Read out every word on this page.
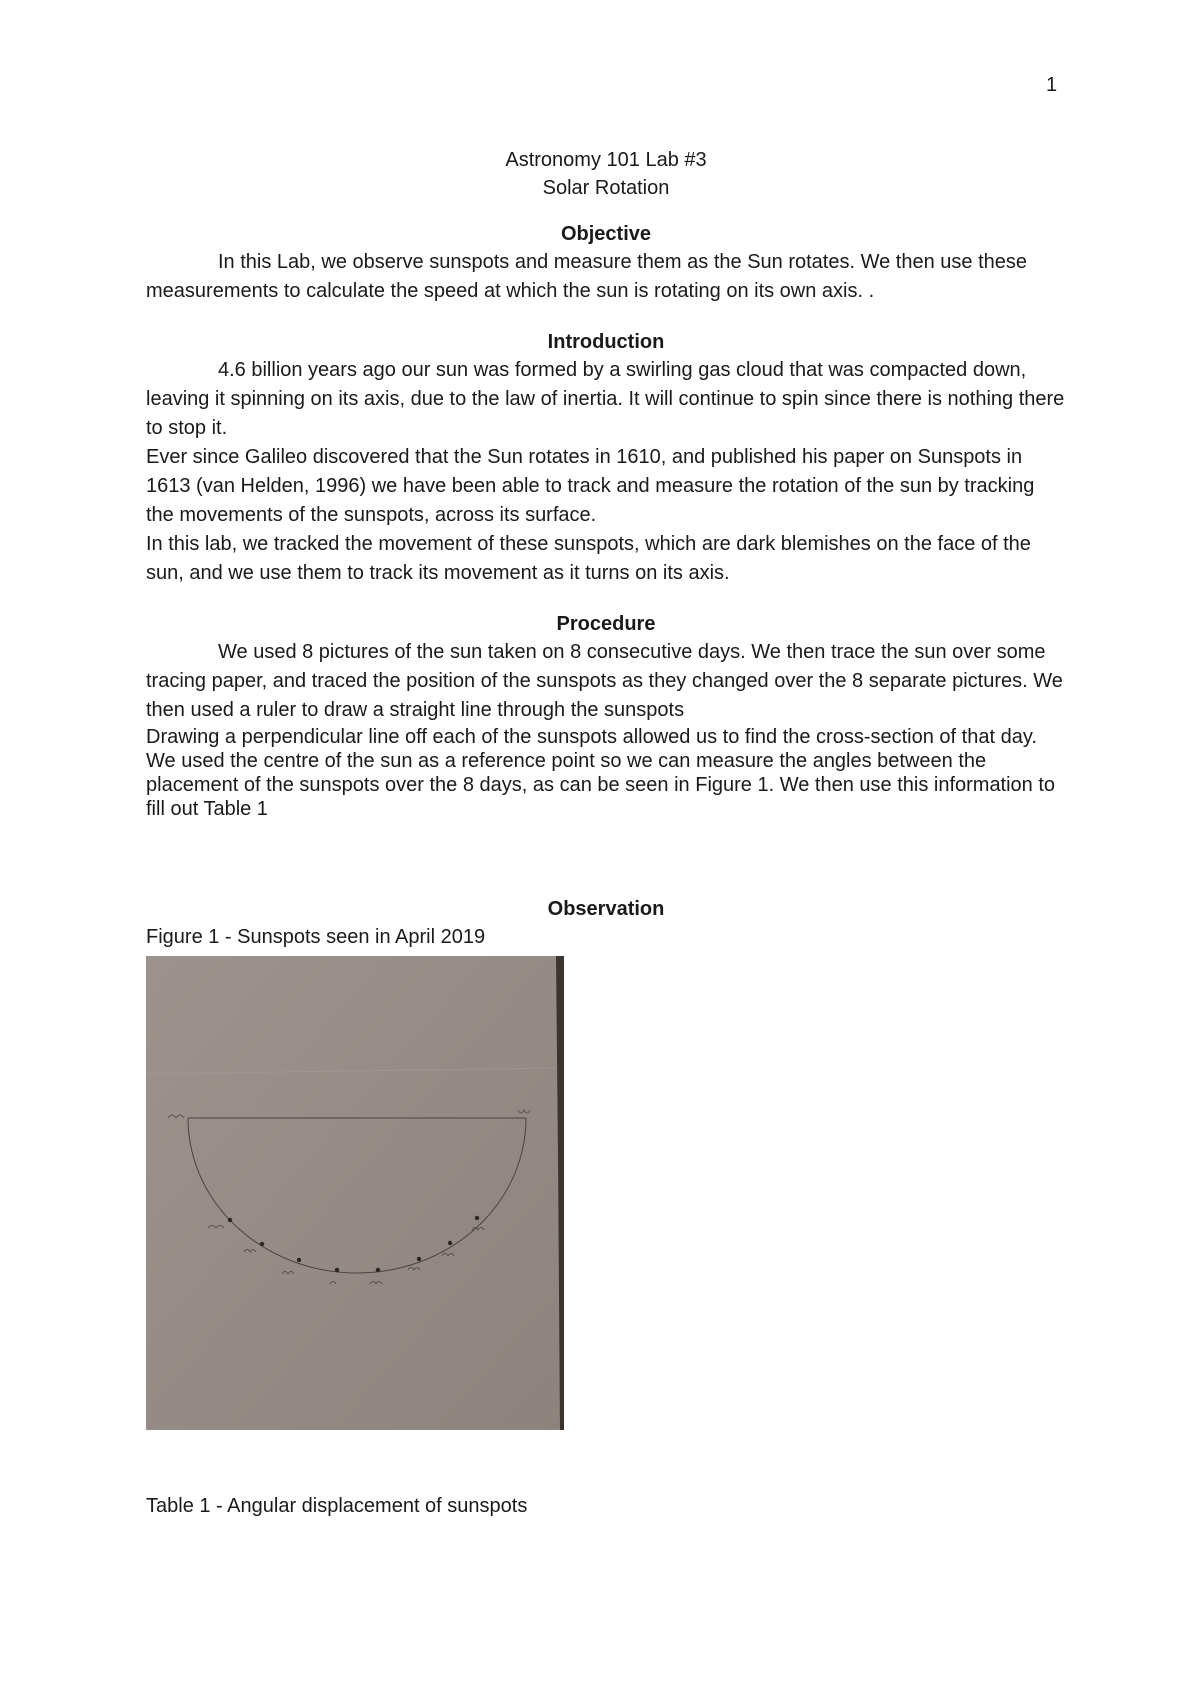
1
Astronomy 101 Lab #3
Solar Rotation
Objective

In this Lab, we observe sunspots and measure them as the Sun rotates. We then use these measurements to calculate the speed at which the sun is rotating on its own axis. .

Introduction

4.6 billion years ago our sun was formed by a swirling gas cloud that was compacted down, leaving it spinning on its axis, due to the law of inertia. It will continue to spin since there is nothing there to stop it.

Ever since Galileo discovered that the Sun rotates in 1610, and published his paper on Sunspots in 1613 (van Helden, 1996) we have been able to track and measure the rotation of the sun by tracking the movements of the sunspots, across its surface.

In this lab, we tracked the movement of these sunspots, which are dark blemishes on the face of the sun, and we use them to track its movement as it turns on its axis.

Procedure

We used 8 pictures of the sun taken on 8 consecutive days. We then trace the sun over some tracing paper, and traced the position of the sunspots as they changed over the 8 separate pictures. We then used a ruler to draw a straight line through the sunspots

Drawing a perpendicular line off each of the sunspots allowed us to find the cross-section of that day.

We used the centre of the sun as a reference point so we can measure the angles between the placement of the sunspots over the 8 days, as can be seen in Figure 1. We then use this information to fill out Table 1

Observation

Figure 1 - Sunspots seen in April 2019

Table 1 - Angular displacement of sunspots
